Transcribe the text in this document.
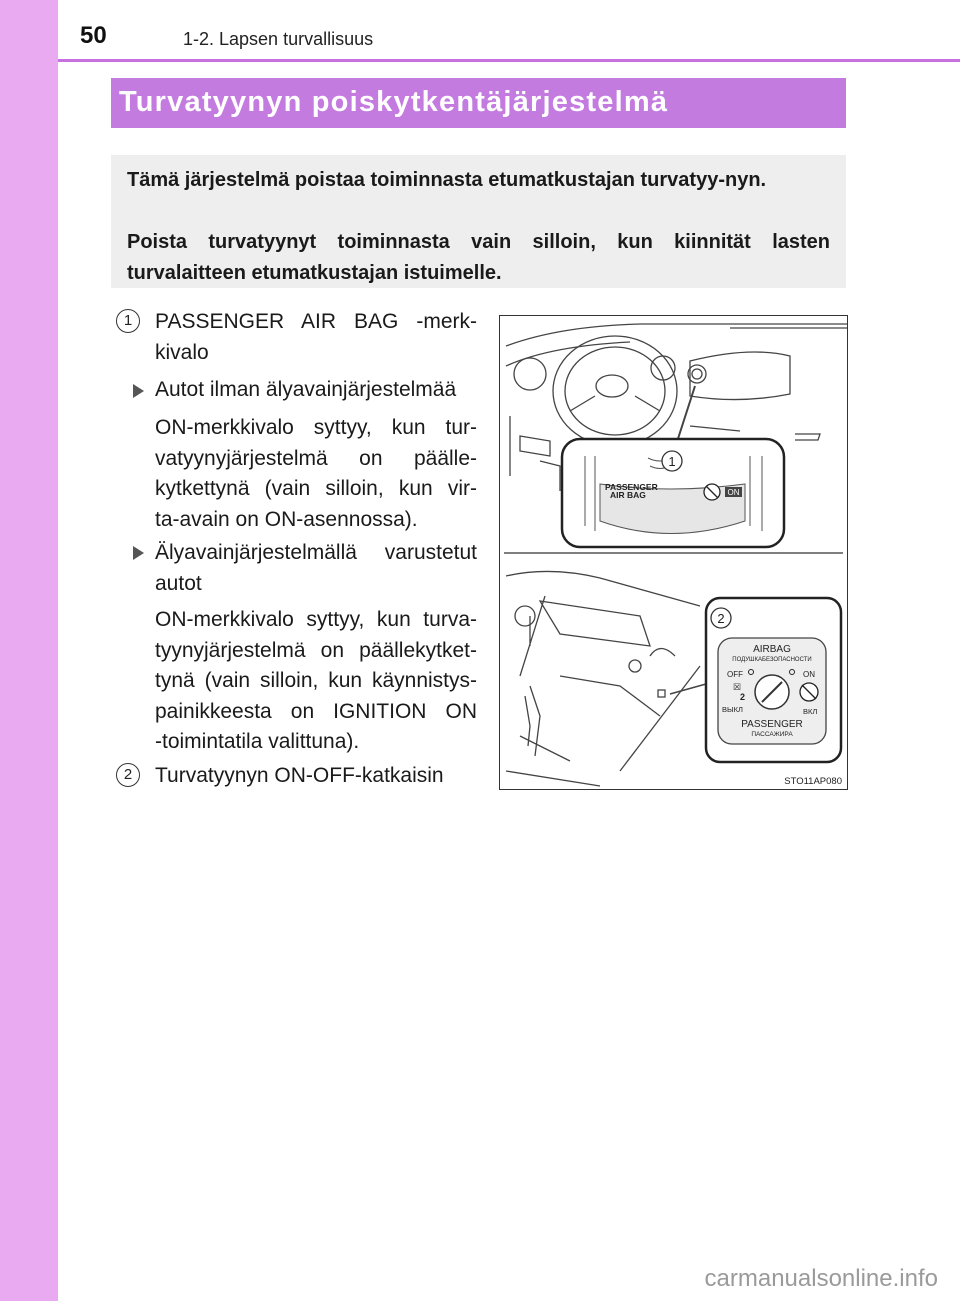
50	1-2. Lapsen turvallisuus
Turvatyynyn poiskytkentäjärjestelmä

Tämä järjestelmä poistaa toiminnasta etumatkustajan turvatyy-nyn.

Poista turvatyynyt toiminnasta vain silloin, kun kiinnität lasten turvalaitteen etumatkustajan istuimelle.

1	PASSENGER AIR BAG -merk-
kivalo
Autot ilman älyavainjärjestelmää
ON-merkkivalo syttyy, kun tur-
vatyynyjärjestelmä on päälle-
kytkettynä (vain silloin, kun vir-
ta-avain on ON-asennossa).
Älyavainjärjestelmällä varustetut
autot
ON-merkkivalo syttyy, kun turva-
tyynyjärjestelmä on päällekytket-
tynä (vain silloin, kun käynnistys-
painikkeesta on IGNITION ON
-toimintatila valittuna).
2	Turvatyynyn ON-OFF-katkaisin
1
PASSENGER
AIR BAG	ON
2
AIRBAG
ПОДУШКАБЕЗОПАСНОСТИ
OFF	ON
☒
2
ВЫКЛ	ВКЛ
PASSENGER
ПАССАЖИРА
STO11AP080
carmanualsonline.info
